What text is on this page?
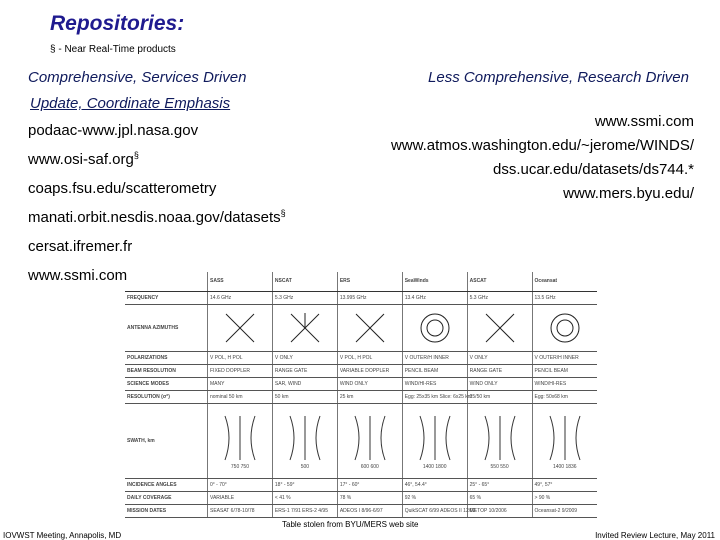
Repositories:
§ - Near Real-Time products
Comprehensive, Services Driven
Update, Coordinate Emphasis
Less Comprehensive, Research Driven
podaac-www.jpl.nasa.gov
www.osi-saf.org§
coaps.fsu.edu/scatterometry
manati.orbit.nesdis.noaa.gov/datasets§
cersat.ifremer.fr
www.ssmi.com
www.ssmi.com
www.atmos.washington.edu/~jerome/WINDS/
dss.ucar.edu/datasets/ds744.*
www.mers.byu.edu/
	SASS	NSCAT	ERS	SeaWinds	ASCAT	Oceansat
FREQUENCY	14.6 GHz	5.3 GHz	13.995 GHz	13.4 GHz	5.3 GHz	13.5 GHz
ANTENNA AZIMUTHS	

POLARIZATIONS	V POL, H POL	V ONLY	V POL, H POL	V OUTER/H INNER	V ONLY	V OUTER/H INNER
BEAM RESOLUTION	FIXED DOPPLER	RANGE GATE	VARIABLE DOPPLER	PENCIL BEAM	RANGE GATE	PENCIL BEAM
SCIENCE MODES	MANY	SAR, WIND	WIND ONLY	WIND/HI-RES	WIND ONLY	WIND/HI-RES
RESOLUTION (σ°)	nominal 50 km	50 km	25 km	Egg: 25x35 km Slice: 6x25 km	25/50 km	Egg: 50x68 km
SWATH, km	750 750	500	600 600	1400 1800	550 550	1400 1836

INCIDENCE ANGLES	0° - 70°	18° - 59°	17° - 60°	46°, 54.4°	25° - 65°	49°, 57°
DAILY COVERAGE	VARIABLE	< 41 %	78 %	92 %	65 %	> 90 %
MISSION DATES	SEASAT 6/78-10/78	ERS-1 7/91 ERS-2 4/95	ADEOS I 8/96-6/97	QuikSCAT 6/99 ADEOS II 12/02	METOP 10/2006	Oceansat-2 9/2009
Table stolen from BYU/MERS web site
IOVWST Meeting, Annapolis, MD	Invited Review Lecture, May 2011
